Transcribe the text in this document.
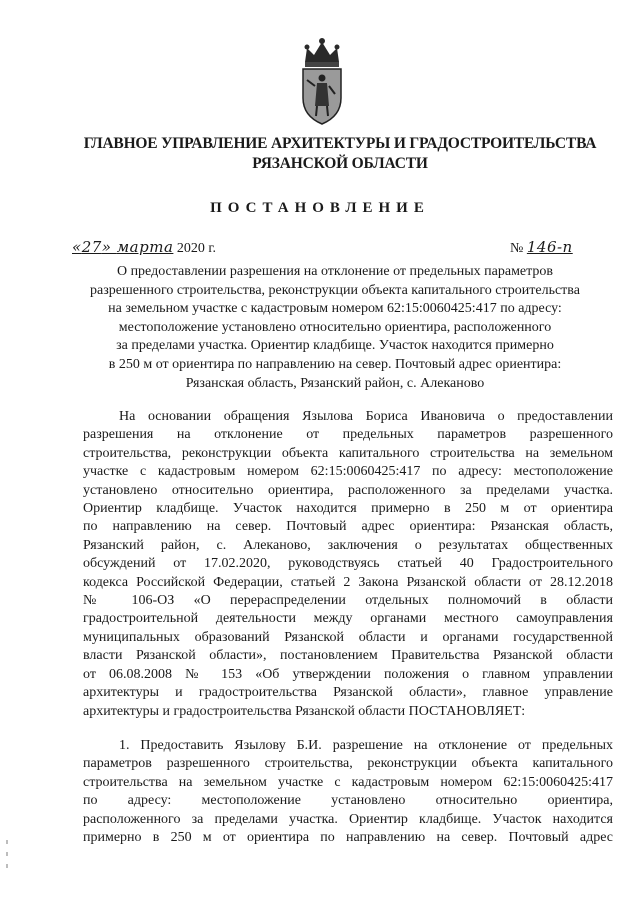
ГЛАВНОЕ УПРАВЛЕНИЕ АРХИТЕКТУРЫ И ГРАДОСТРОИТЕЛЬСТВА
РЯЗАНСКОЙ ОБЛАСТИ
ПОСТАНОВЛЕНИЕ
«27» марта 2020 г.	№ 146-п
О предоставлении разрешения на отклонение от предельных параметров
разрешенного строительства, реконструкции объекта капитального строительства
на земельном участке с кадастровым номером 62:15:0060425:417 по адресу:
местоположение установлено относительно ориентира, расположенного
за пределами участка. Ориентир кладбище. Участок находится примерно
в 250 м от ориентира по направлению на север. Почтовый адрес ориентира:
Рязанская область, Рязанский район, с. Алеканово
На основании обращения Язылова Бориса Ивановича о предоставлении
разрешения на отклонение от предельных параметров разрешенного
строительства, реконструкции объекта капитального строительства на земельном
участке с кадастровым номером 62:15:0060425:417 по адресу: местоположение
установлено относительно ориентира, расположенного за пределами участка.
Ориентир кладбище. Участок находится примерно в 250 м от ориентира
по направлению на север. Почтовый адрес ориентира: Рязанская область,
Рязанский район, с. Алеканово, заключения о результатах общественных
обсуждений от 17.02.2020, руководствуясь статьей 40 Градостроительного
кодекса Российской Федерации, статьей 2 Закона Рязанской области от 28.12.2018
№ 106-ОЗ «О перераспределении отдельных полномочий в области
градостроительной деятельности между органами местного самоуправления
муниципальных образований Рязанской области и органами государственной
власти Рязанской области», постановлением Правительства Рязанской области
от 06.08.2008 № 153 «Об утверждении положения о главном управлении
архитектуры и градостроительства Рязанской области», главное управление
архитектуры и градостроительства Рязанской области ПОСТАНОВЛЯЕТ:
1. Предоставить Язылову Б.И. разрешение на отклонение от предельных
параметров разрешенного строительства, реконструкции объекта капитального
строительства на земельном участке с кадастровым номером 62:15:0060425:417
по адресу: местоположение установлено относительно ориентира,
расположенного за пределами участка. Ориентир кладбище. Участок находится
примерно в 250 м от ориентира по направлению на север. Почтовый адрес
